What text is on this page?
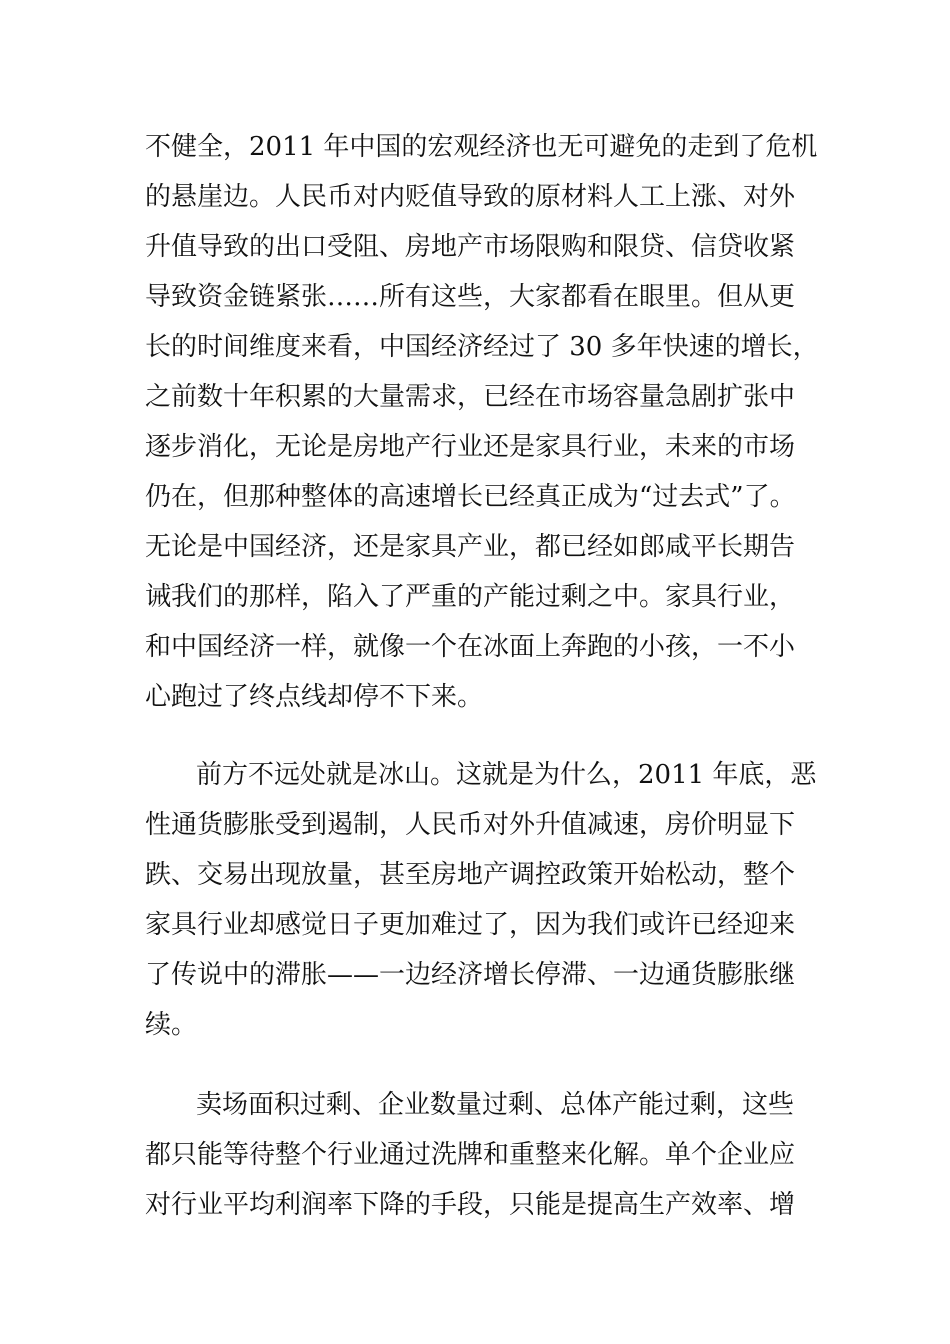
不健全，2011 年中国的宏观经济也无可避免的走到了危机
的悬崖边。人民币对内贬值导致的原材料人工上涨、对外
升值导致的出口受阻、房地产市场限购和限贷、信贷收紧
导致资金链紧张……所有这些，大家都看在眼里。但从更
长的时间维度来看，中国经济经过了 30 多年快速的增长，
之前数十年积累的大量需求，已经在市场容量急剧扩张中
逐步消化，无论是房地产行业还是家具行业，未来的市场
仍在，但那种整体的高速增长已经真正成为“过去式”了。
无论是中国经济，还是家具产业，都已经如郎咸平长期告
诫我们的那样，陷入了严重的产能过剩之中。家具行业，
和中国经济一样，就像一个在冰面上奔跑的小孩，一不小
心跑过了终点线却停不下来。
前方不远处就是冰山。这就是为什么，2011 年底，恶
性通货膨胀受到遏制，人民币对外升值减速，房价明显下
跌、交易出现放量，甚至房地产调控政策开始松动，整个
家具行业却感觉日子更加难过了，因为我们或许已经迎来
了传说中的滞胀——一边经济增长停滞、一边通货膨胀继
续。
卖场面积过剩、企业数量过剩、总体产能过剩，这些
都只能等待整个行业通过洗牌和重整来化解。单个企业应
对行业平均利润率下降的手段，只能是提高生产效率、增
